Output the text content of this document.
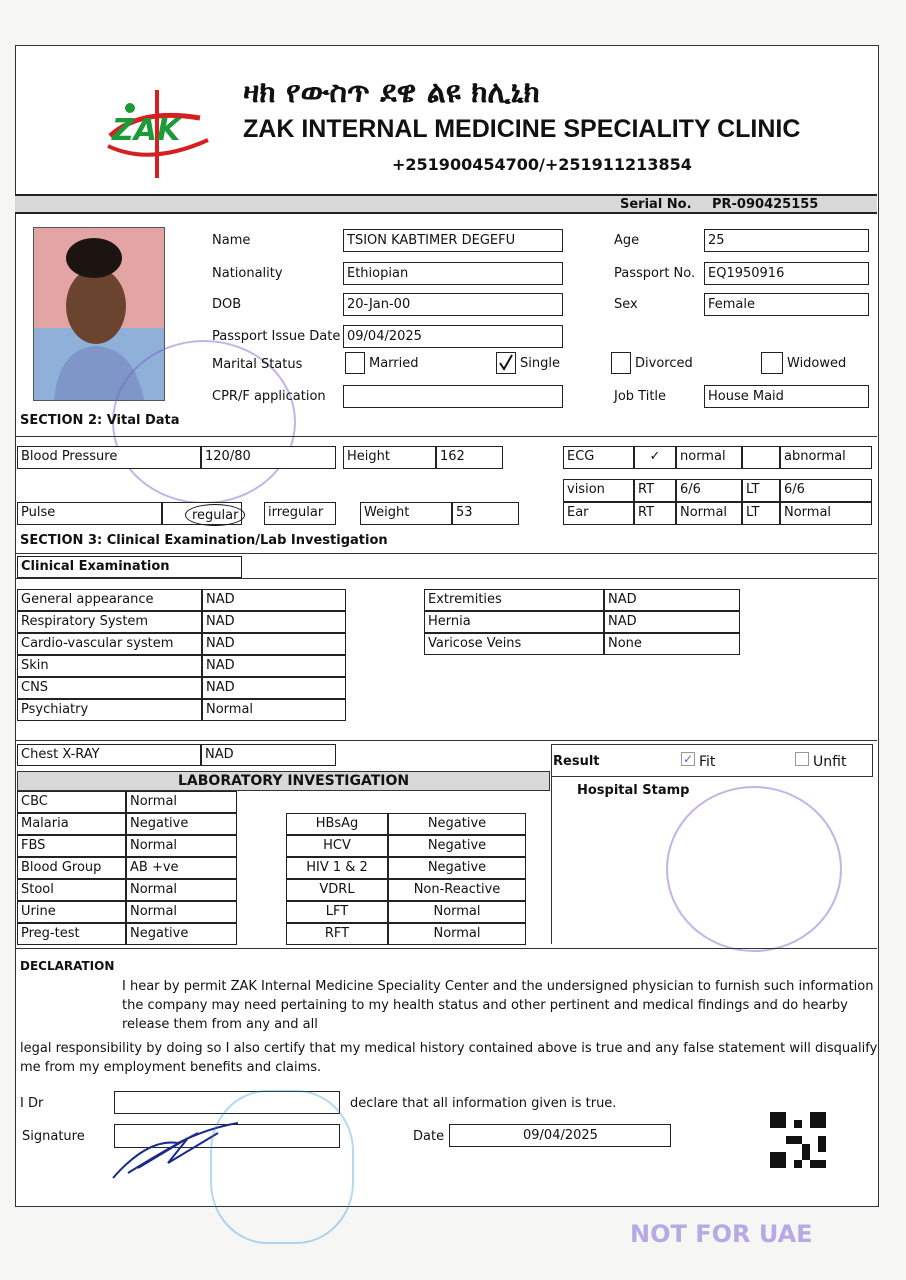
ZAK
ዛክ የውስጥ ደዌ ልዩ ክሊኒክ
ZAK INTERNAL MEDICINE SPECIALITY CLINIC
+251900454700/+251911213854
Serial No. PR-090425155
Name	TSION KABTIMER DEGEFU	Age	25
Nationality	Ethiopian	Passport No. EQ1950916
DOB	20-Jan-00	Sex	Female
Passport Issue Date 09/04/2025
Marital Status	Married	Single	Divorced	Widowed
CPR/F application	Job Title	House Maid
SECTION 2: Vital Data
Blood Pressure	120/80	Height	162	ECG	✓	normal	abnormal
vision	RT	6/6	LT	6/6
Pulse	regular	irregular	Weight	53	Ear	RT	Normal	LT	Normal
SECTION 3: Clinical Examination/Lab Investigation
Clinical Examination
General appearance	NAD
Respiratory System	NAD
Cardio-vascular system	NAD
Skin	NAD
CNS	NAD
Psychiatry	Normal
Extremities	NAD
Hernia	NAD
Varicose Veins	None
Chest X-RAY	NAD	Result	✓ Fit	Unfit
LABORATORY INVESTIGATION
Hospital Stamp
CBC	Normal
Malaria	Negative
FBS	Normal
Blood Group	AB +ve
Stool	Normal
Urine	Normal
Preg-test	Negative
HBsAg	Negative
HCV	Negative
HIV 1 & 2	Negative
VDRL	Non-Reactive
LFT	Normal
RFT	Normal
DECLARATION
I hear by permit ZAK Internal Medicine Speciality Center and the undersigned physician to furnish such information
the company may need pertaining to my health status and other pertinent and medical findings and do hearby
release them from any and all
legal responsibility by doing so I also certify that my medical history contained above is true and any false statement will disqualify
me from my employment benefits and claims.
I Dr	declare that all information given is true.
Signature	Date	09/04/2025
NOT FOR UAE
